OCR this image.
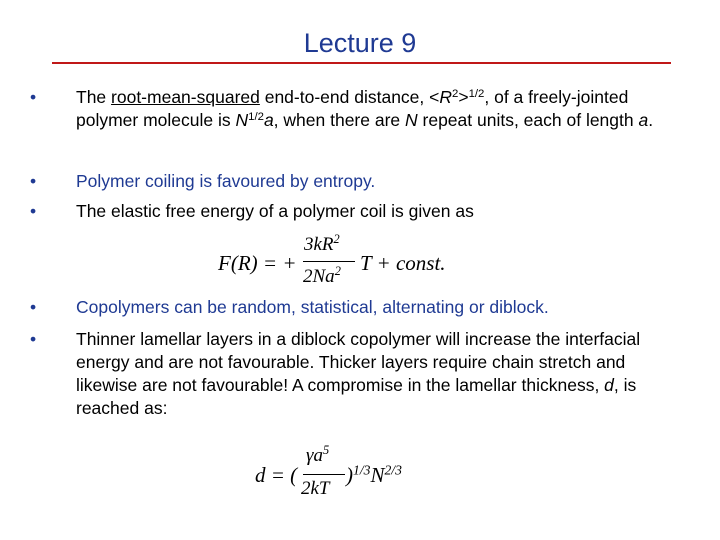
Lecture 9
•	The root-mean-squared end-to-end distance, $<R^2>^{1/2}$, of a freely-jointed polymer molecule is $N^{1/2}a$, when there are N repeat units, each of length a.
•	Polymer coiling is favoured by entropy.
•	The elastic free energy of a polymer coil is given as
F(R) = +
$3kR^2$
2Na$^2$ T + const.
•	Copolymers can be random, statistical, alternating or diblock.
•	Thinner lamellar layers in a diblock copolymer will increase the interfacial energy and are not favourable. Thicker layers require chain stretch and likewise are not favourable! A compromise in the lamellar thickness, d, is reached as:
d = (
$\gamma a^5$
2kT
)$^{1/3}N^{2/3}$
